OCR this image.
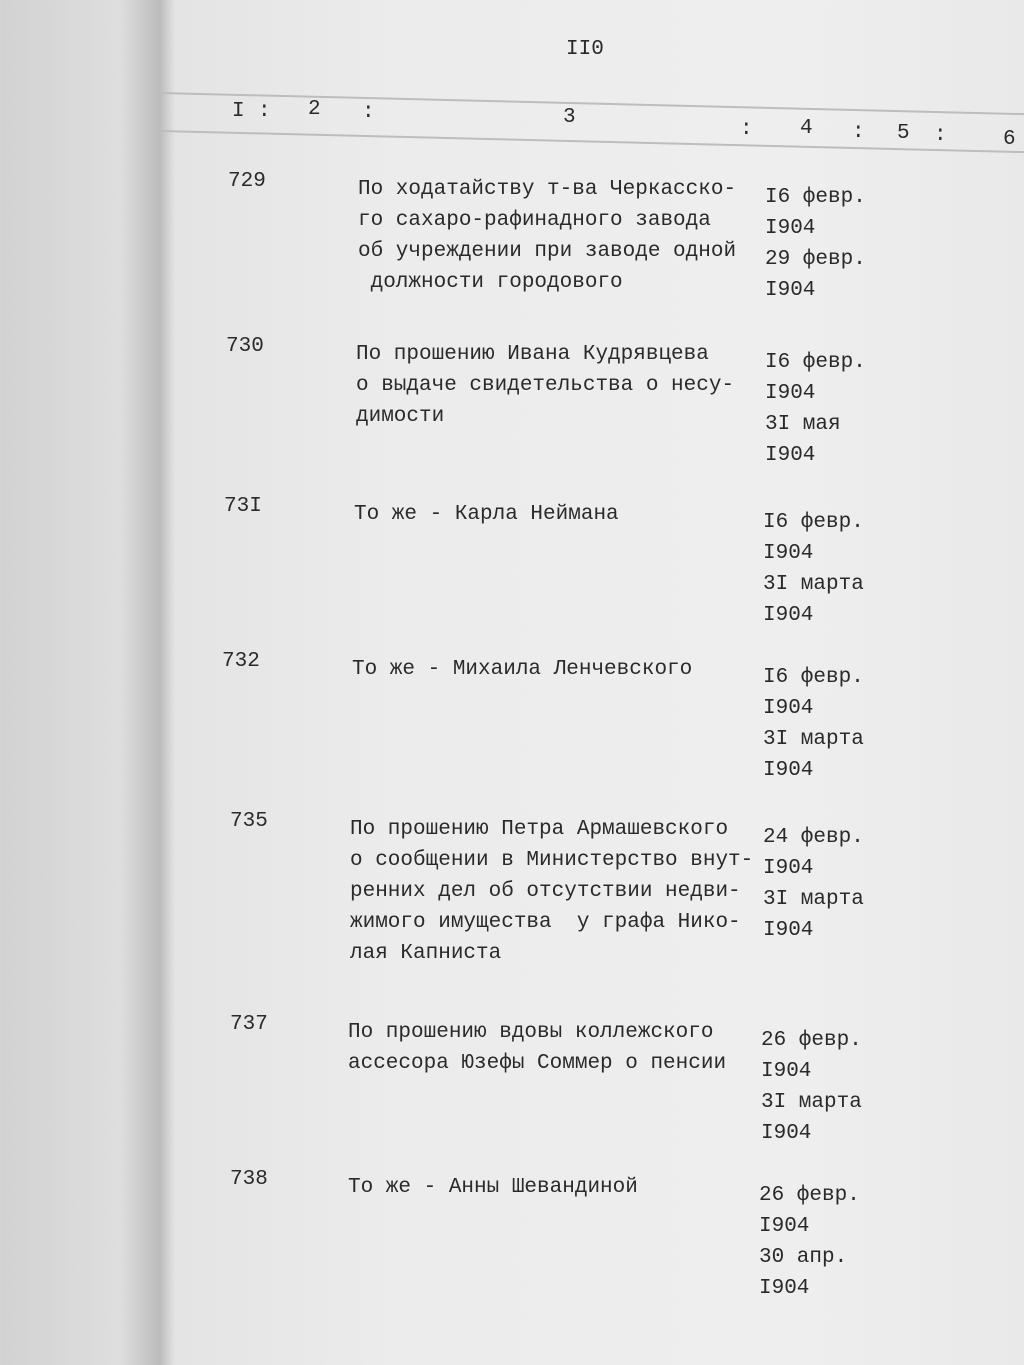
II0
I : 2 :	3
: 4 : 5 :	6
729	По ходатайству т-ва Черкасско-
го сахаро-рафинадного завода
об учреждении при заводе одной
должности городового
I6 февр.
I904
29 февр.
I904
730	По прошению Ивана Кудрявцева
о выдаче свидетельства о несу-
димости
I6 февр.
I904
3I мая
I904
73I	То же - Карла Неймана	I6 февр.
I904
3I марта
I904
732	То же - Михаила Ленчевского	I6 февр.
I904
3I марта
I904
735	По прошению Петра Армашевского
о сообщении в Министерство внут-
ренних дел об отсутствии недви-
жимого имущества  у графа Нико-
лая Капниста
24 февр.
I904
3I марта
I904
737	По прошению вдовы коллежского
ассесора Юзефы Соммер о пенсии
26 февр.
I904
3I марта
I904
738	То же - Анны Шевандиной	26 февр.
I904
30 апр.
I904
